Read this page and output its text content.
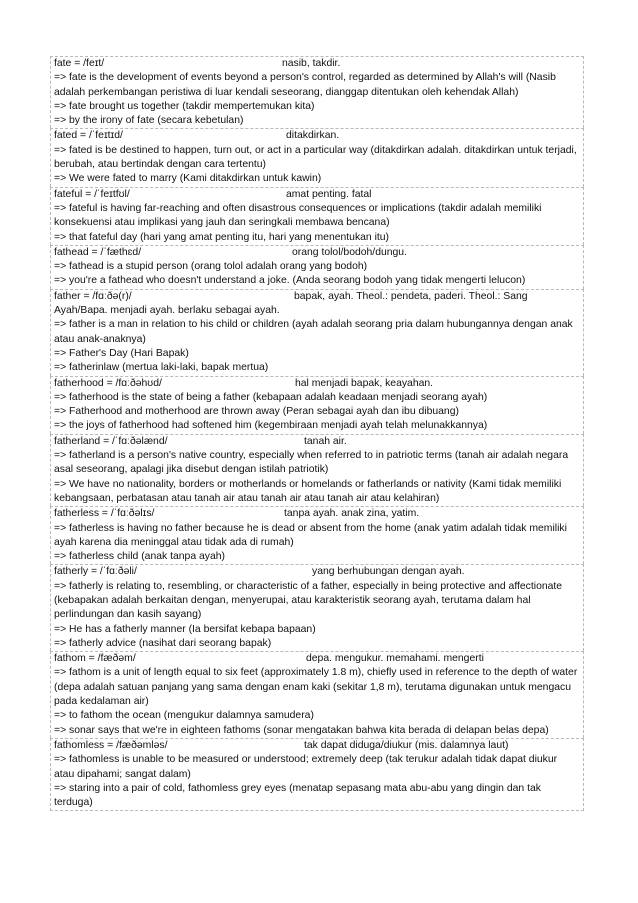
fate = /feɪt/	nasib, takdir.
=> fate is the development of events beyond a person's control, regarded as determined by Allah's will (Nasib adalah perkembangan peristiwa di luar kendali seseorang, dianggap ditentukan oleh kehendak Allah)
=> fate brought us together (takdir mempertemukan kita)
=> by the irony of fate (secara kebetulan)
fated = /ˈfeɪtɪd/	ditakdirkan.
=> fated is be destined to happen, turn out, or act in a particular way (ditakdirkan adalah. ditakdirkan untuk terjadi, berubah, atau bertindak dengan cara tertentu)
=> We were fated to marry (Kami ditakdirkan untuk kawin)
fateful = /ˈfeɪtfʊl/	amat penting. fatal
=> fateful is having far-reaching and often disastrous consequences or implications (takdir adalah memiliki konsekuensi atau implikasi yang jauh dan seringkali membawa bencana)
=> that fateful day (hari yang amat penting itu, hari yang menentukan itu)
fathead = /ˈfæthɛd/	orang tolol/bodoh/dungu.
=> fathead is a stupid person (orang tolol adalah orang yang bodoh)
=> you're a fathead who doesn't understand a joke. (Anda seorang bodoh yang tidak mengerti lelucon)
father = /fɑːðə(r)/	bapak, ayah. Theol.: pendeta, paderi. Theol.: Sang
Ayah/Bapa. menjadi ayah. berlaku sebagai ayah.
=> father is a man in relation to his child or children (ayah adalah seorang pria dalam hubungannya dengan anak atau anak-anaknya)
=> Father's Day (Hari Bapak)
=> fatherinlaw (mertua laki-laki, bapak mertua)
fatherhood = /fɑːðəhʊd/	hal menjadi bapak, keayahan.
=> fatherhood is the state of being a father (kebapaan adalah keadaan menjadi seorang ayah)
=> Fatherhood and motherhood are thrown away (Peran sebagai ayah dan ibu dibuang)
=> the joys of fatherhood had softened him (kegembiraan menjadi ayah telah melunakkannya)
fatherland = /ˈfɑːðəlænd/	tanah air.
=> fatherland is a person's native country, especially when referred to in patriotic terms (tanah air adalah negara asal seseorang, apalagi jika disebut dengan istilah patriotik)
=> We have no nationality, borders or motherlands or homelands or fatherlands or nativity (Kami tidak memiliki kebangsaan, perbatasan atau tanah air atau tanah air atau tanah air atau kelahiran)
fatherless = /ˈfɑːðəlɪs/	tanpa ayah. anak zina, yatim.
=> fatherless is having no father because he is dead or absent from the home (anak yatim adalah tidak memiliki ayah karena dia meninggal atau tidak ada di rumah)
=> fatherless child (anak tanpa ayah)
fatherly = /ˈfɑːðəli/	yang berhubungan dengan ayah.
=> fatherly is relating to, resembling, or characteristic of a father, especially in being protective and affectionate (kebapakan adalah berkaitan dengan, menyerupai, atau karakteristik seorang ayah, terutama dalam hal perlindungan dan kasih sayang)
=> He has a fatherly manner (Ia bersifat kebapa bapaan)
=> fatherly advice (nasihat dari seorang bapak)
fathom = /fæðəm/	depa. mengukur. memahami. mengerti
=> fathom is a unit of length equal to six feet (approximately 1.8 m), chiefly used in reference to the depth of water (depa adalah satuan panjang yang sama dengan enam kaki (sekitar 1,8 m), terutama digunakan untuk mengacu pada kedalaman air)
=> to fathom the ocean (mengukur dalamnya samudera)
=> sonar says that we're in eighteen fathoms (sonar mengatakan bahwa kita berada di delapan belas depa)
fathomless = /fæðəmləs/	tak dapat diduga/diukur (mis. dalamnya laut)
=> fathomless is unable to be measured or understood; extremely deep (tak terukur adalah tidak dapat diukur atau dipahami; sangat dalam)
=> staring into a pair of cold, fathomless grey eyes (menatap sepasang mata abu-abu yang dingin dan tak terduga)
